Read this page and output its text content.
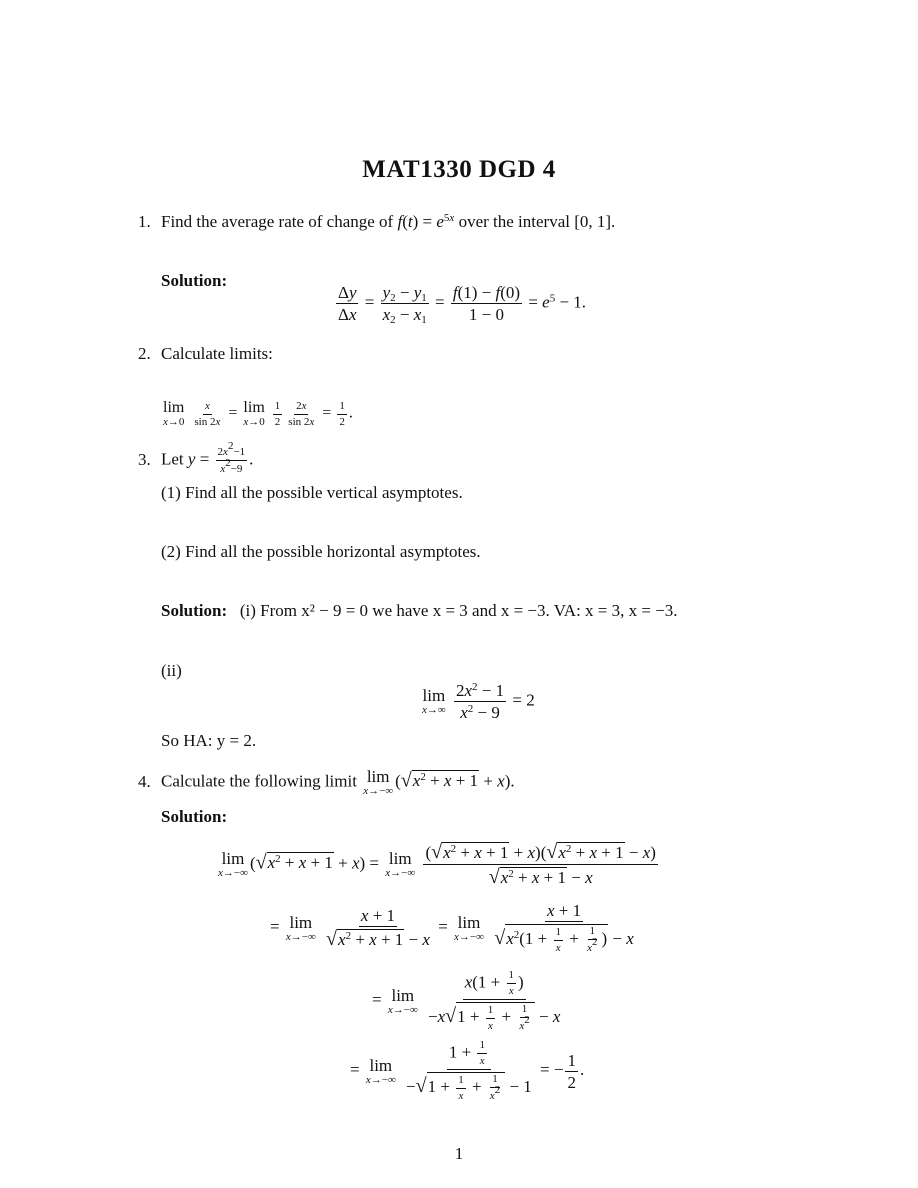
MAT1330 DGD 4
1. Find the average rate of change of $f(t) = e^{5x}$ over the interval [0, 1].
Solution:
$\frac{\Delta y}{\Delta x} = \frac{y_2 - y_1}{x_2 - x_1} = \frac{f(1) - f(0)}{1 - 0} = e^5 - 1$.
2. Calculate limits:
lim
x→0
$\frac{x}{\sin 2x} = \lim$
x→0
$\frac{1}{2} \frac{2x}{\sin 2x} = \frac{1}{2}$ .
3. Let $y = \frac{2x^2-1}{x^2-9}$ .
(1) Find all the possible vertical asymptotes.
(2) Find all the possible horizontal asymptotes.
Solution: (i) From x² − 9 = 0 we have x = 3 and x = −3. VA: x = 3, x = −3.
(ii)
lim
x→∞
$\frac{2x^2 - 1}{x^2 - 9} = 2$
So HA: y = 2.
4. Calculate the following limit lim
x→−∞
$(√x^2 + x + 1 + x)$.
Solution:
lim
x→−∞
$(√x^2 + x + 1 + x) = \lim$
x→−∞
$\frac{(√x^2 + x + 1 + x)(√x^2 + x + 1 - x)}{√x^2 + x + 1 - x}$
= lim
x→−∞
$\frac{x + 1}{√x^2 + x + 1 - x} = \lim$
x→−∞
$\frac{x + 1}{√x^2(1 + \frac{1}{x} + \frac{1}{x^2} ) - x}$
= lim
x→−∞
$\frac{x(1 + \frac{1}{x} )}{-x√1 + \frac{1}{x} + \frac{1}{x^2} - x}$
= lim
x→−∞
$\frac{1 + \frac{1}{x}}{-√1 + \frac{1}{x} + \frac{1}{x^2} - 1}$ = − $\frac{1}{2}$ .
1
